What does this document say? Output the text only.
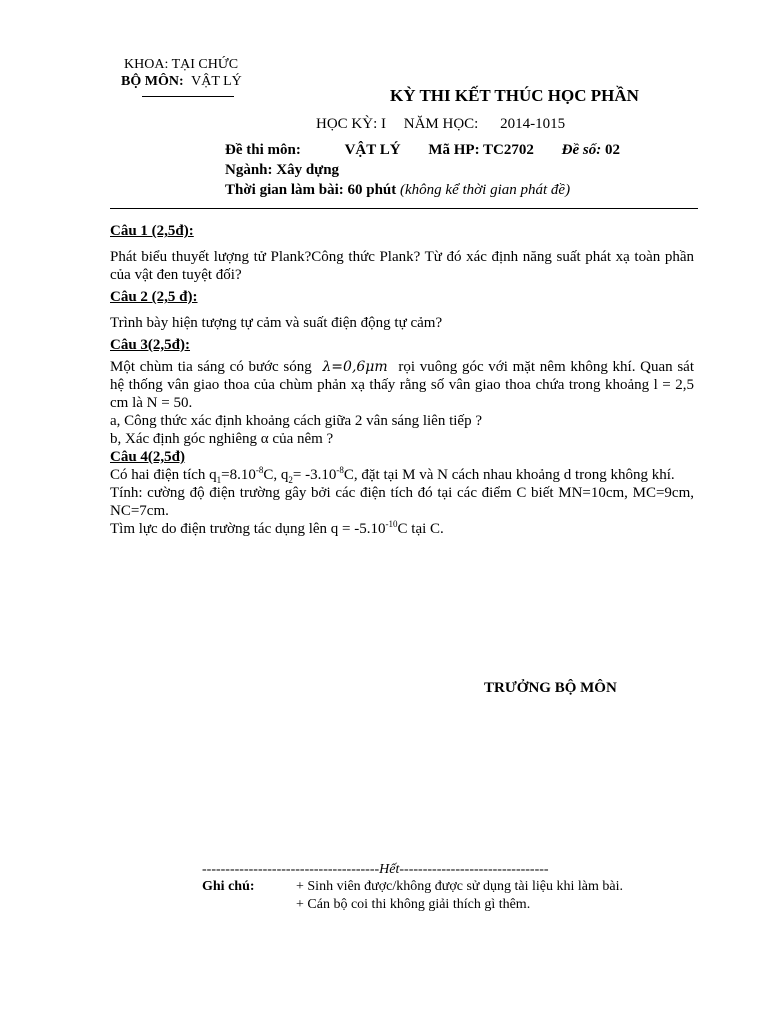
KHOA: TẠI CHỨC
BỘ MÔN: VẬT LÝ
KỲ THI KẾT THÚC HỌC PHẦN
HỌC KỲ: I NĂM HỌC: 2014-1015
Đề thi môn:	VẬT LÝ Mã HP: TC2702 Đề số: 02
Ngành: Xây dựng
Thời gian làm bài: 60 phút (không kể thời gian phát đề)
Câu 1 (2,5đ):

Phát biểu thuyết lượng tử Plank?Công thức Plank? Từ đó xác định năng suất phát xạ toàn phần của vật đen tuyệt đối?

Câu 2 (2,5 đ):

Trình bày hiện tượng tự cảm và suất điện động tự cảm?

Câu 3(2,5đ):

Một chùm tia sáng có bước sóng λ=0,6μm rọi vuông góc với mặt nêm không khí. Quan sát hệ thống vân giao thoa của chùm phản xạ thấy rằng số vân giao thoa chứa trong khoảng l = 2,5 cm là N = 50.

a, Công thức xác định khoảng cách giữa 2 vân sáng liên tiếp ?

b, Xác định góc nghiêng α của nêm ?

Câu 4(2,5đ)

Có hai điện tích $q_1=8.10^{-8}C$, $q_2= -3.10^{-8}C$, đặt tại M và N cách nhau khoảng d trong không khí.

Tính: cường độ điện trường gây bởi các điện tích đó tại các điểm C biết MN=10cm, MC=9cm, NC=7cm.

Tìm lực do điện trường tác dụng lên $q = -5.10^{-10}C$ tại C.

TRƯỞNG BỘ MÔN
--------------------------------------Hết--------------------------------
Ghi chú:	+ Sinh viên được/không được sử dụng tài liệu khi làm bài.
+ Cán bộ coi thi không giải thích gì thêm.
